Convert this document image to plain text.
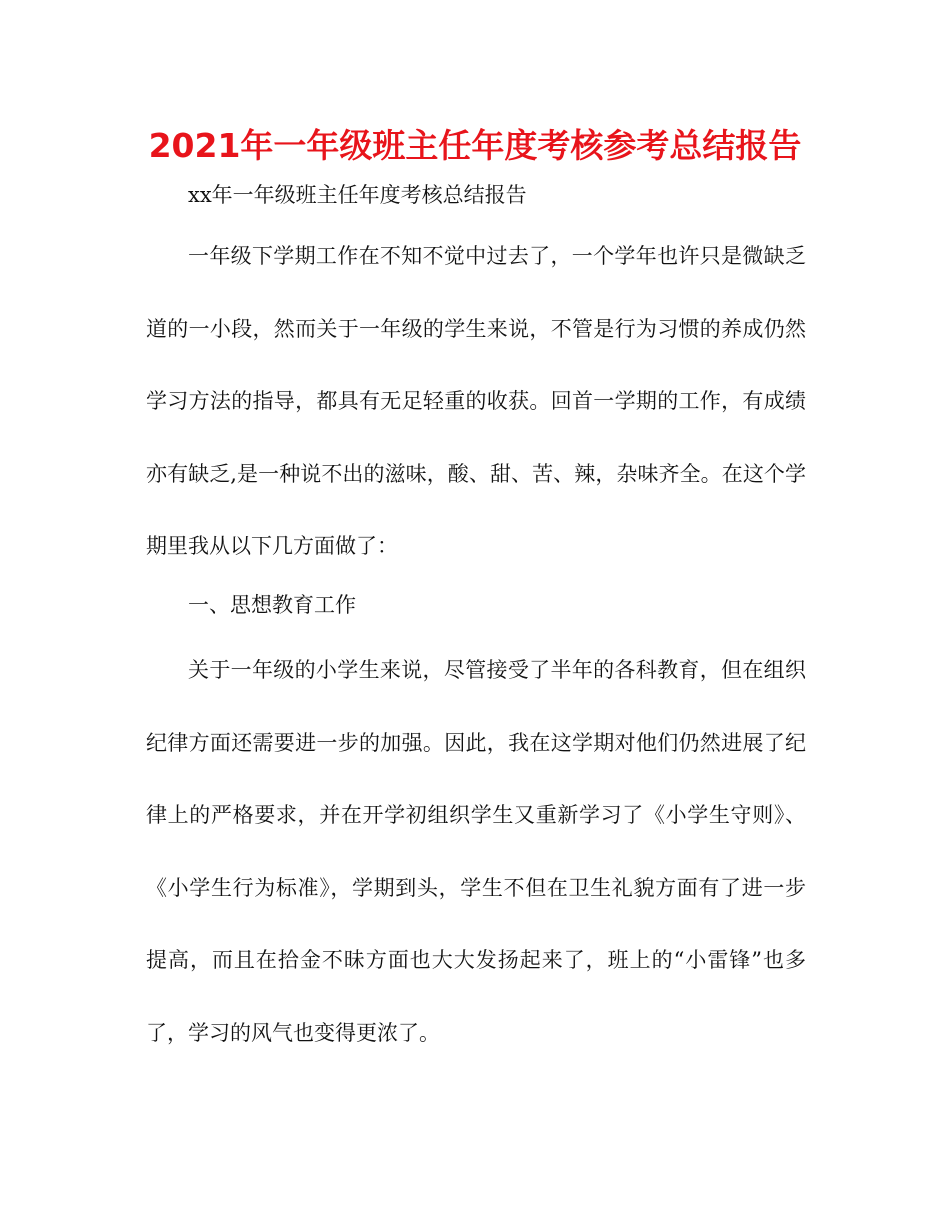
2021年一年级班主任年度考核参考总结报告

xx年一年级班主任年度考核总结报告

一年级下学期工作在不知不觉中过去了，一个学年也许只是微缺乏道的一小段，然而关于一年级的学生来说，不管是行为习惯的养成仍然学习方法的指导，都具有无足轻重的收获。回首一学期的工作，有成绩亦有缺乏,是一种说不出的滋味，酸、甜、苦、辣，杂味齐全。在这个学期里我从以下几方面做了：

一、思想教育工作

关于一年级的小学生来说，尽管接受了半年的各科教育，但在组织纪律方面还需要进一步的加强。因此，我在这学期对他们仍然进展了纪律上的严格要求，并在开学初组织学生又重新学习了《小学生守则》、《小学生行为标准》，学期到头，学生不但在卫生礼貌方面有了进一步提高，而且在拾金不昧方面也大大发扬起来了，班上的“小雷锋”也多了，学习的风气也变得更浓了。
